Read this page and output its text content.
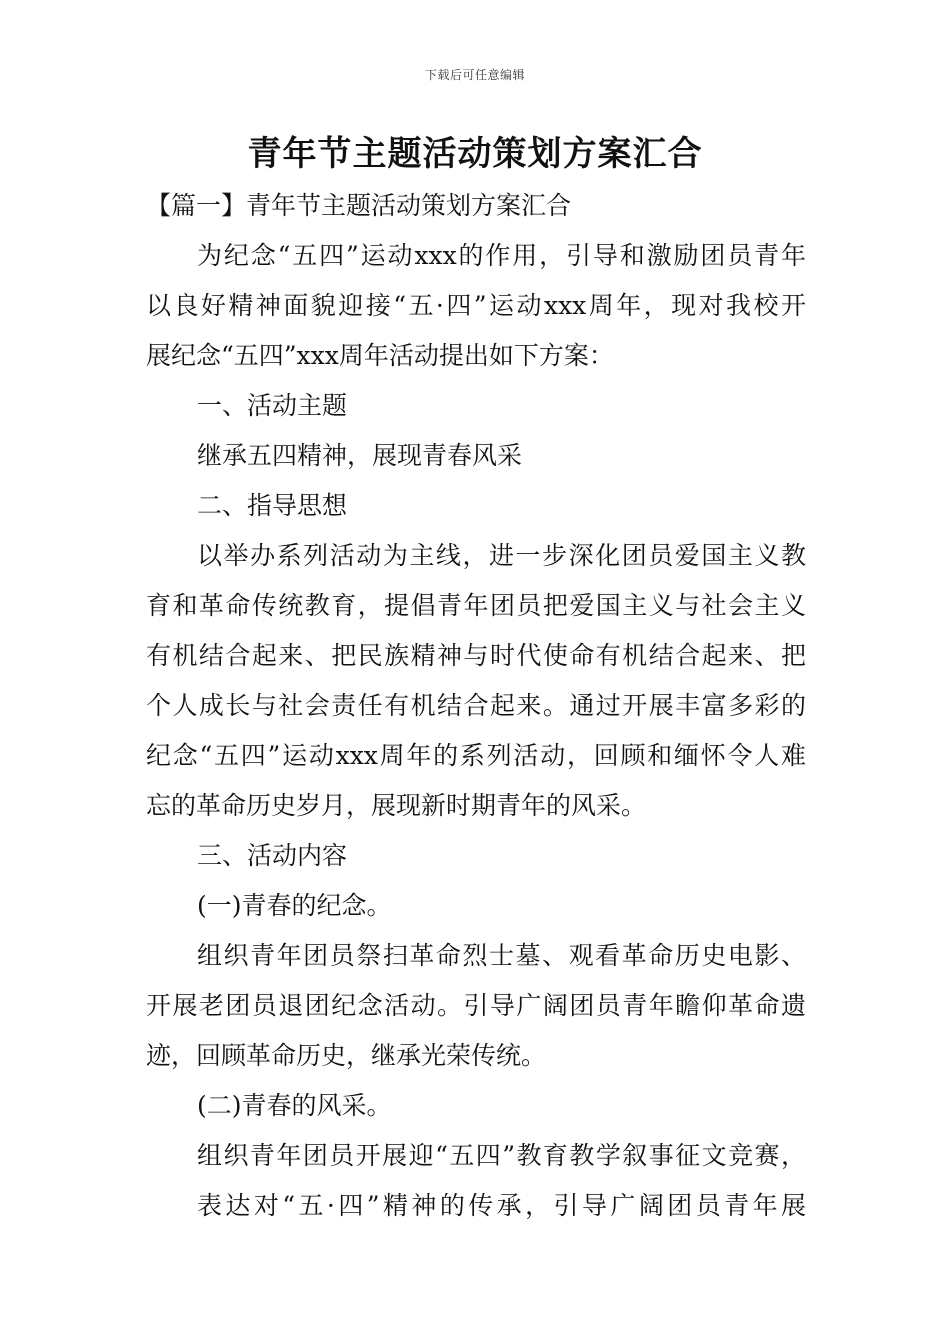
下载后可任意编辑
青年节主题活动策划方案汇合
【篇一】青年节主题活动策划方案汇合
为纪念“五四”运动xxx的作用，引导和激励团员青年
以良好精神面貌迎接“五·四”运动xxx周年，现对我校开
展纪念“五四”xxx周年活动提出如下方案：
一、活动主题
继承五四精神，展现青春风采
二、指导思想
以举办系列活动为主线，进一步深化团员爱国主义教
育和革命传统教育，提倡青年团员把爱国主义与社会主义
有机结合起来、把民族精神与时代使命有机结合起来、把
个人成长与社会责任有机结合起来。通过开展丰富多彩的
纪念“五四”运动xxx周年的系列活动，回顾和缅怀令人难
忘的革命历史岁月，展现新时期青年的风采。
三、活动内容
(一)青春的纪念。
组织青年团员祭扫革命烈士墓、观看革命历史电影、
开展老团员退团纪念活动。引导广阔团员青年瞻仰革命遗
迹，回顾革命历史，继承光荣传统。
(二)青春的风采。
组织青年团员开展迎“五四”教育教学叙事征文竞赛，
表达对“五·四”精神的传承，引导广阔团员青年展
